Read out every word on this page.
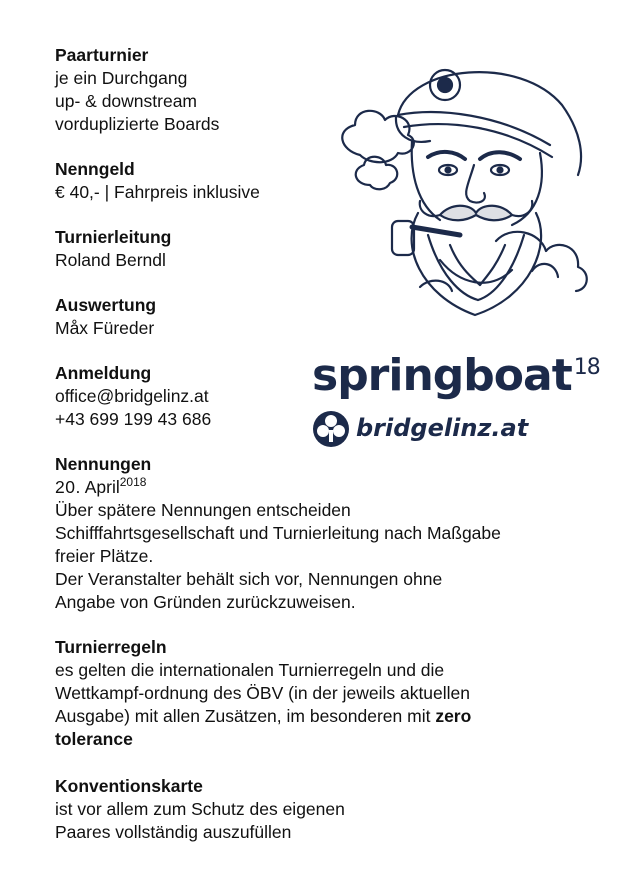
Paarturnier
je ein Durchgang
up- & downstream
vorduplizierte Boards
Nenngeld
€ 40,- | Fahrpreis inklusive
Turnierleitung
Roland Berndl
Auswertung
Måx Füreder
Anmeldung
office@bridgelinz.at
+43 699 199 43 686
Nennungen
20. April$^{2018}$
Über spätere Nennungen entscheiden
Schifffahrtsgesellschaft und Turnierleitung nach Maßgabe
freier Plätze.
Der Veranstalter behält sich vor, Nennungen ohne
Angabe von Gründen zurückzuweisen.
Turnierregeln
es gelten die internationalen Turnierregeln und die
Wettkampf-ordnung des ÖBV (in der jeweils aktuellen
Ausgabe) mit allen Zusätzen, im besonderen mit zero
tolerance
Konventionskarte
ist vor allem zum Schutz des eigenen
Paares vollständig auszufüllen
springboat$^{18}$
bridgelinz.at
